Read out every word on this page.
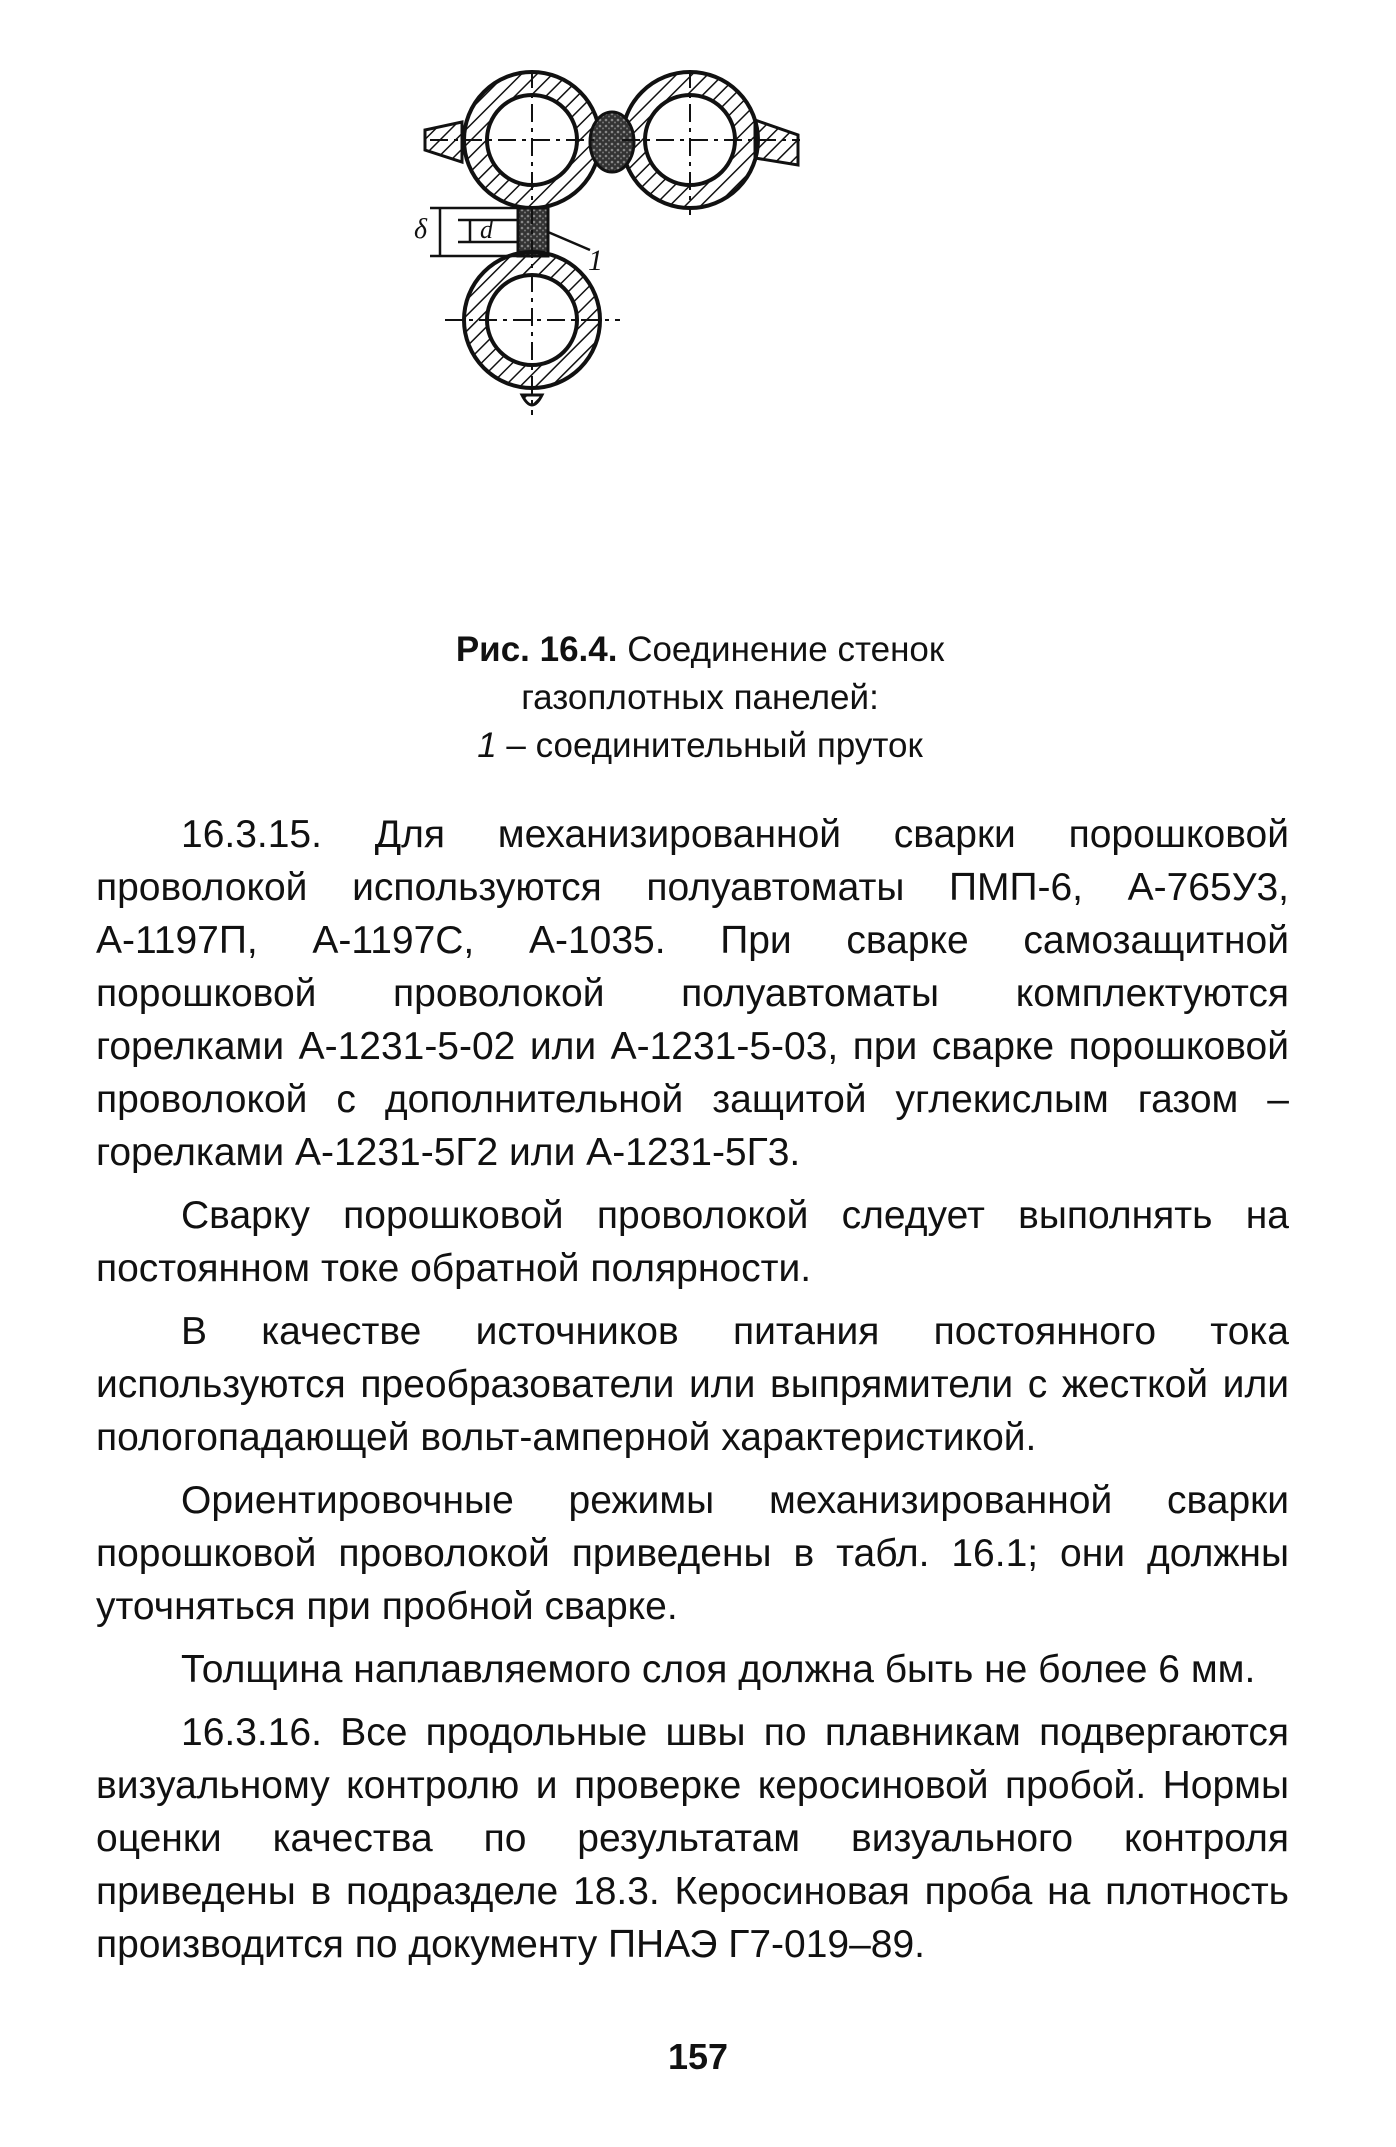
δ d
1
Рис. 16.4. Соединение стенок
газоплотных панелей:
1 – соединительный пруток

16.3.15. Для механизированной сварки порошковой проволокой используются полуавтоматы ПМП-6, А-765У3, А-1197П, А-1197С, А-1035. При сварке самозащитной порошковой проволокой полуавтоматы комплектуются горелками А-1231-5-02 или А-1231-5-03, при сварке порошковой проволокой с дополнительной защитой углекислым газом – горелками А-1231-5Г2 или А-1231-5Г3.

Сварку порошковой проволокой следует выполнять на постоянном токе обратной полярности.

В качестве источников питания постоянного тока используются преобразователи или выпрямители с жесткой или пологопадающей вольт-амперной характеристикой.

Ориентировочные режимы механизированной сварки порошковой проволокой приведены в табл. 16.1; они должны уточняться при пробной сварке.

Толщина наплавляемого слоя должна быть не более 6 мм.

16.3.16. Все продольные швы по плавникам подвергаются визуальному контролю и проверке керосиновой пробой. Нормы оценки качества по результатам визуального контроля приведены в подразделе 18.3. Керосиновая проба на плотность производится по документу ПНАЭ Г7-019–89.

157
